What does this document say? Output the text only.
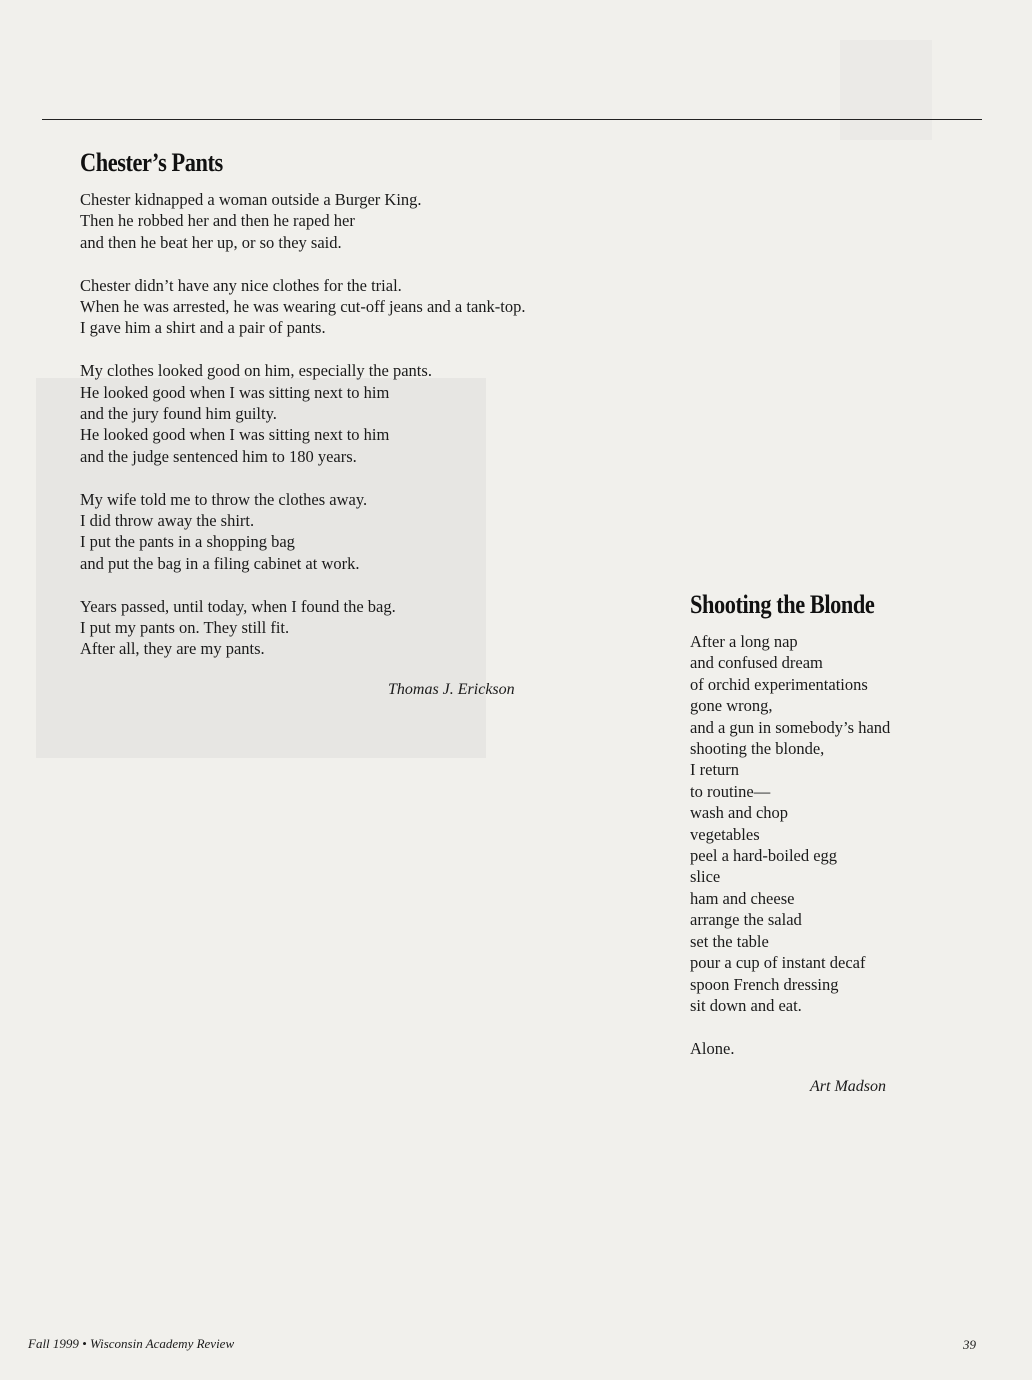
Chester’s Pants
Chester kidnapped a woman outside a Burger King.
Then he robbed her and then he raped her
and then he beat her up, or so they said.
Chester didn’t have any nice clothes for the trial.
When he was arrested, he was wearing cut-off jeans and a tank-top.
I gave him a shirt and a pair of pants.
My clothes looked good on him, especially the pants.
He looked good when I was sitting next to him
and the jury found him guilty.
He looked good when I was sitting next to him
and the judge sentenced him to 180 years.
My wife told me to throw the clothes away.
I did throw away the shirt.
I put the pants in a shopping bag
and put the bag in a filing cabinet at work.
Years passed, until today, when I found the bag.
I put my pants on. They still fit.
After all, they are my pants.
Thomas J. Erickson
Shooting the Blonde
After a long nap
and confused dream
of orchid experimentations
gone wrong,
and a gun in somebody’s hand
shooting the blonde,
I return
to routine—
wash and chop
vegetables
peel a hard-boiled egg
slice
ham and cheese
arrange the salad
set the table
pour a cup of instant decaf
spoon French dressing
sit down and eat.
Alone.
Art Madson
Fall 1999 • Wisconsin Academy Review	39
